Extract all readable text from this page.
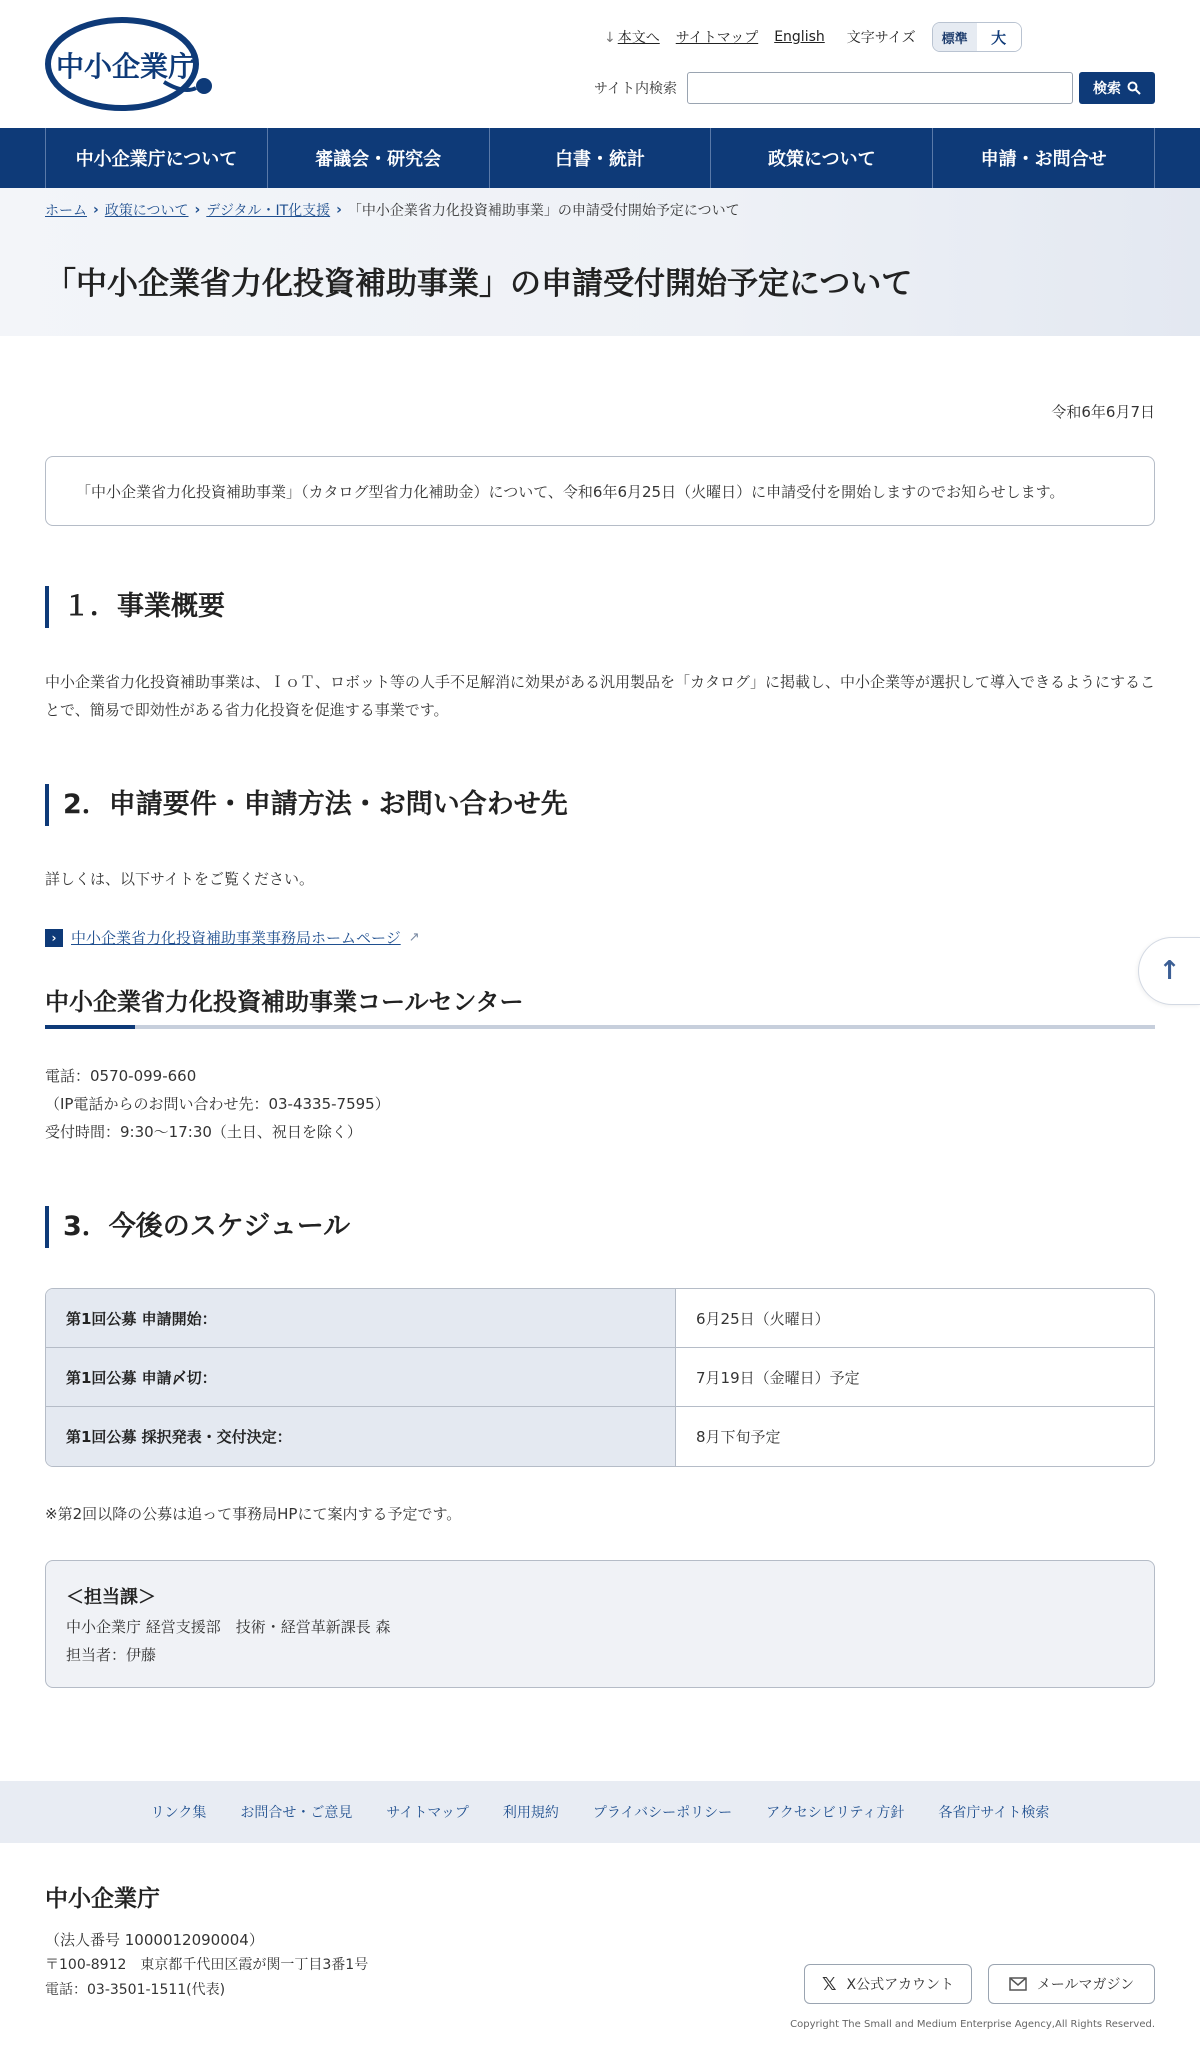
中小企業庁
↓ 本文へ サイトマップ English 文字サイズ	標準	大
サイト内検索	検索
中小企業庁について	審議会・研究会	白書・統計	政策について	申請・お問合せ
ホーム › 政策について › デジタル・IT化支援 › 「中小企業省力化投資補助事業」の申請受付開始予定について
「中小企業省力化投資補助事業」の申請受付開始予定について
令和6年6月7日
「中小企業省力化投資補助事業」（カタログ型省力化補助金）について、令和6年6月25日（火曜日）に申請受付を開始しますのでお知らせします。
１．事業概要

中小企業省力化投資補助事業は、ＩｏＴ、ロボット等の人手不足解消に効果がある汎用製品を「カタログ」に掲載し、中小企業等が選択して導入できるようにすることで、簡易で即効性がある省力化投資を促進する事業です。

2．申請要件・申請方法・お問い合わせ先

詳しくは、以下サイトをご覧ください。

› 中小企業省力化投資補助事業事務局ホームページ ↗
中小企業省力化投資補助事業コールセンター

電話：0570-099-660

（IP電話からのお問い合わせ先：03-4335-7595）

受付時間：9:30～17:30（土日、祝日を除く）

3．今後のスケジュール
第1回公募 申請開始：	6月25日（火曜日）
第1回公募 申請〆切：	7月19日（金曜日）予定
第1回公募 採択発表・交付決定：	8月下旬予定

※第2回以降の公募は追って事務局HPにて案内する予定です。

＜担当課＞
中小企業庁 経営支援部　技術・経営革新課長 森
担当者：伊藤
↑
リンク集 お問合せ・ご意見 サイトマップ 利用規約 プライバシーポリシー アクセシビリティ方針 各省庁サイト検索
中小企業庁
（法人番号 1000012090004）
〒100-8912　東京都千代田区霞が関一丁目3番1号
電話：03-3501-1511(代表)	𝕏 X公式アカウント	メールマガジン
Copyright The Small and Medium Enterprise Agency,All Rights Reserved.
